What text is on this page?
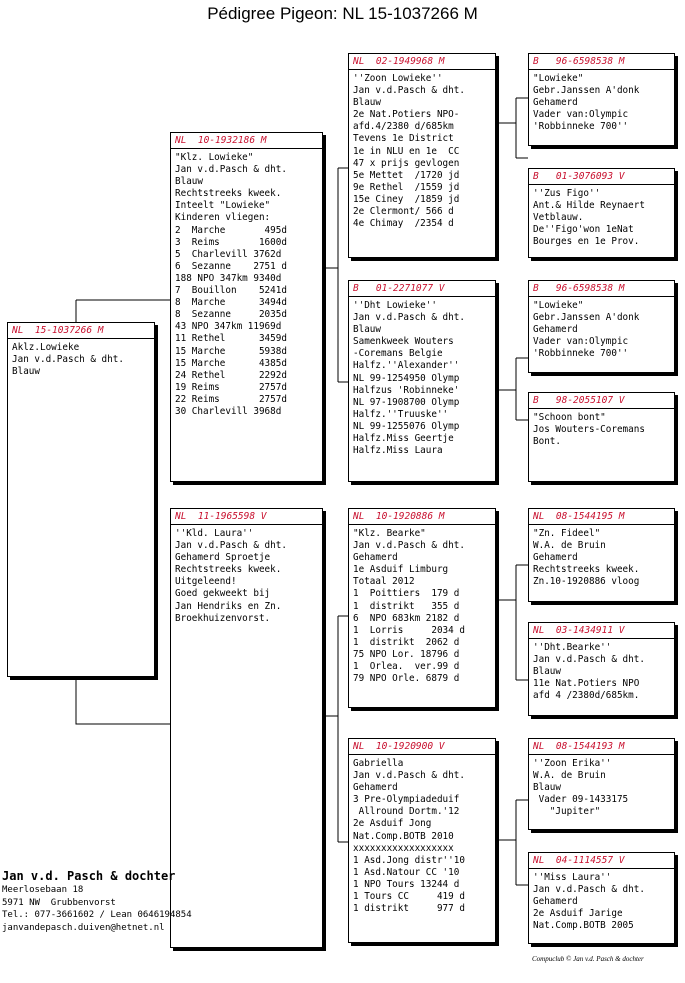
Pédigree Pigeon: NL 15-1037266 M
NL  15-1037266 M
Aklz.Lowieke
Jan v.d.Pasch & dht.
Blauw
NL  10-1932186 M
"Klz. Lowieke"
Jan v.d.Pasch & dht.
Blauw
Rechtstreeks kweek.
Inteelt "Lowieke"
Kinderen vliegen:
2  Marche       495d
3  Reims       1600d
5  Charlevill 3762d
6  Sezanne    2751 d
188 NPO 347km 9340d
7  Bouillon    5241d
8  Marche      3494d
8  Sezanne     2035d
43 NPO 347km 11969d
11 Rethel      3459d
15 Marche      5938d
15 Marche      4385d
24 Rethel      2292d
19 Reims       2757d
22 Reims       2757d
30 Charlevill 3968d
NL  11-1965598 V
''Kld. Laura''
Jan v.d.Pasch & dht.
Gehamerd Sproetje
Rechtstreeks kweek.
Uitgeleend!
Goed gekweekt bij
Jan Hendriks en Zn.
Broekhuizenvorst.
NL  02-1949968 M
''Zoon Lowieke''
Jan v.d.Pasch & dht.
Blauw
2e Nat.Potiers NPO-
afd.4/2380 d/685km
Tevens 1e District
1e in NLU en 1e  CC
47 x prijs gevlogen
5e Mettet  /1720 jd
9e Rethel  /1559 jd
15e Ciney  /1859 jd
2e Clermont/ 566 d
4e Chimay  /2354 d
B   01-2271077 V
''Dht Lowieke''
Jan v.d.Pasch & dht.
Blauw
Samenkweek Wouters
-Coremans Belgie
Halfz.''Alexander''
NL 99-1254950 Olymp
Halfzus 'Robinneke'
NL 97-1908700 Olymp
Halfz.''Truuske''
NL 99-1255076 Olymp
Halfz.Miss Geertje
Halfz.Miss Laura
NL  10-1920886 M
"Klz. Bearke"
Jan v.d.Pasch & dht.
Gehamerd
1e Asduif Limburg
Totaal 2012
1  Poittiers  179 d
1  distrikt   355 d
6  NPO 683km 2182 d
1  Lorris     2034 d
1  distrikt  2062 d
75 NPO Lor. 18796 d
1  Orlea.  ver.99 d
79 NPO Orle. 6879 d
NL  10-1920900 V
Gabriella
Jan v.d.Pasch & dht.
Gehamerd
3 Pre-Olympiadeduif
Allround Dortm.'12
2e Asduif Jong
Nat.Comp.BOTB 2010
xxxxxxxxxxxxxxxxxx
1 Asd.Jong distr''10
1 Asd.Natour CC '10
1 NPO Tours 13244 d
1 Tours CC     419 d
1 distrikt     977 d
B   96-6598538 M
"Lowieke"
Gebr.Janssen A'donk
Gehamerd
Vader van:Olympic
'Robbinneke 700''
B   01-3076093 V
''Zus Figo''
Ant.& Hilde Reynaert
Vetblauw.
De''Figo'won 1eNat
Bourges en 1e Prov.
B   96-6598538 M
"Lowieke"
Gebr.Janssen A'donk
Gehamerd
Vader van:Olympic
'Robbinneke 700''
B   98-2055107 V
"Schoon bont"
Jos Wouters-Coremans
Bont.
NL  08-1544195 M
"Zn. Fideel"
W.A. de Bruin
Gehamerd
Rechtstreeks kweek.
Zn.10-1920886 vloog
NL  03-1434911 V
''Dht.Bearke''
Jan v.d.Pasch & dht.
Blauw
11e Nat.Potiers NPO
afd 4 /2380d/685km.
NL  08-1544193 M
''Zoon Erika''
W.A. de Bruin
Blauw
Vader 09-1433175
"Jupiter"
NL  04-1114557 V
''Miss Laura''
Jan v.d.Pasch & dht.
Gehamerd
2e Asduif Jarige
Nat.Comp.BOTB 2005
Jan v.d. Pasch & dochter
Meerlosebaan 18
5971 NW  Grubbenvorst
Tel.: 077-3661602 / Lean 0646194854
janvandepasch.duiven@hetnet.nl
Compuclub © Jan v.d. Pasch & dochter
